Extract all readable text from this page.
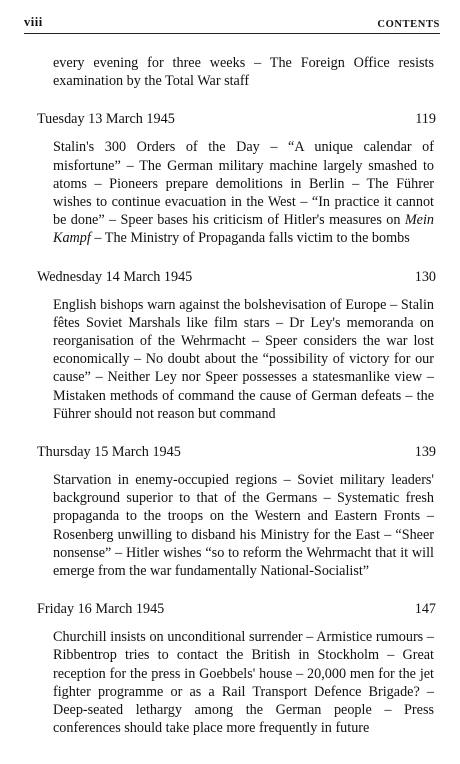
viii	CONTENTS

every evening for three weeks – The Foreign Office resists examination by the Total War staff

Tuesday 13 March 1945	119

Stalin's 300 Orders of the Day – “A unique calendar of misfortune” – The German military machine largely smashed to atoms – Pioneers prepare demolitions in Berlin – The Führer wishes to continue evacuation in the West – “In practice it cannot be done” – Speer bases his criticism of Hitler's measures on Mein Kampf – The Ministry of Propaganda falls victim to the bombs

Wednesday 14 March 1945	130

English bishops warn against the bolshevisation of Europe – Stalin fêtes Soviet Marshals like film stars – Dr Ley's memoranda on reorganisation of the Wehrmacht – Speer considers the war lost economically – No doubt about the “possibility of victory for our cause” – Neither Ley nor Speer possesses a statesmanlike view – Mistaken methods of command the cause of German defeats – the Führer should not reason but command

Thursday 15 March 1945	139

Starvation in enemy-occupied regions – Soviet military leaders' background superior to that of the Germans – Systematic fresh propaganda to the troops on the Western and Eastern Fronts – Rosenberg unwilling to disband his Ministry for the East – “Sheer nonsense” – Hitler wishes “so to reform the Wehrmacht that it will emerge from the war fundamentally National-Socialist”

Friday 16 March 1945	147

Churchill insists on unconditional surrender – Armistice rumours – Ribbentrop tries to contact the British in Stockholm – Great reception for the press in Goebbels' house – 20,000 men for the jet fighter programme or as a Rail Transport Defence Brigade? – Deep-seated lethargy among the German people – Press conferences should take place more frequently in future
